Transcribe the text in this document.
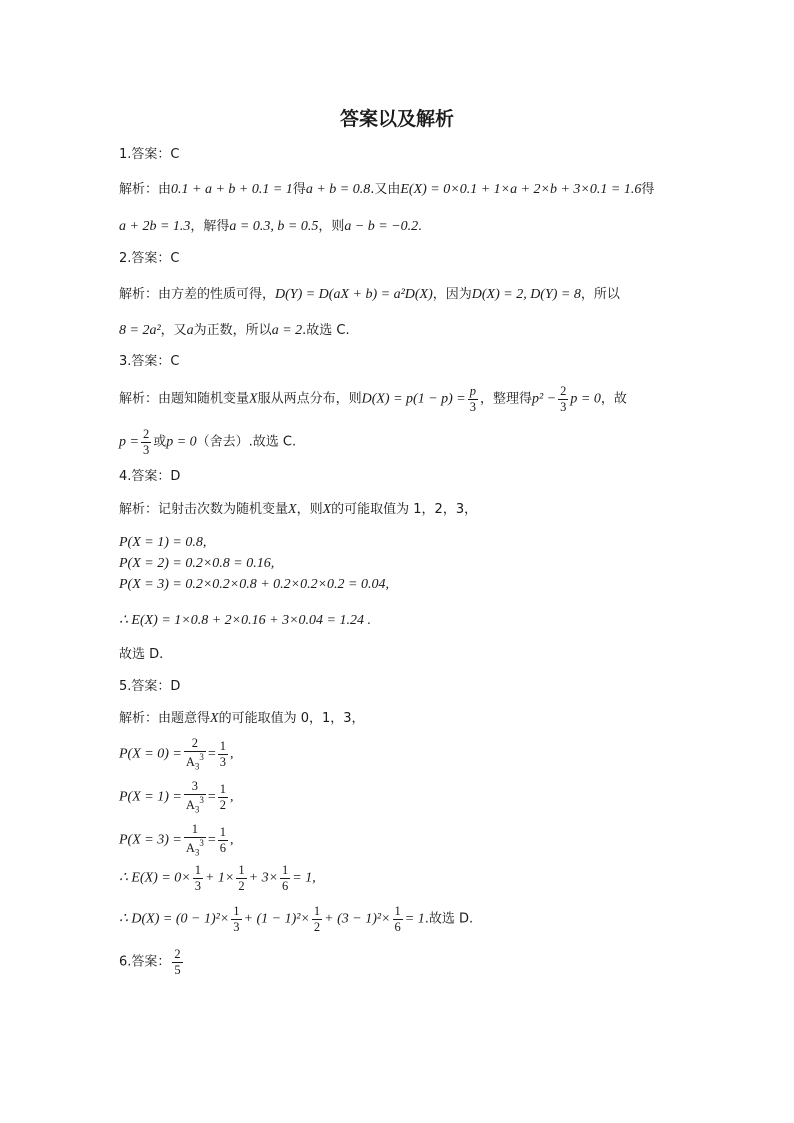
答案以及解析
1.答案：C
解析：由0.1 + a + b + 0.1 = 1得a + b = 0.8.又由E(X) = 0×0.1 + 1×a + 2×b + 3×0.1 = 1.6得
a + 2b = 1.3，解得a = 0.3, b = 0.5，则a − b = −0.2.
2.答案：C
解析：由方差的性质可得，D(Y) = D(aX + b) = a²D(X)，因为D(X) = 2, D(Y) = 8，所以
8 = 2a²，又a为正数，所以a = 2.故选 C.
3.答案：C
解析：由题知随机变量X服从两点分布，则$D(X) = p(1 - p) = \frac{p}{3}$ ，整理得$p^2 - \frac{2}{3}$ p = 0，故
$p = \frac{2}{3}$ 或p = 0（舍去）.故选 C.
4.答案：D
解析：记射击次数为随机变量X，则X的可能取值为 1，2，3，
P(X = 1) = 0.8,
P(X = 2) = 0.2×0.8 = 0.16,
P(X = 3) = 0.2×0.2×0.8 + 0.2×0.2×0.2 = 0.04,
∴ E(X) = 1×0.8 + 2×0.16 + 3×0.04 = 1.24 .
故选 D.
5.答案：D
解析：由题意得X的可能取值为 0，1，3，
$P(X = 0) = \frac{2}{A_3^3} = \frac{1}{3}$ ,
$P(X = 1) = \frac{3}{A_3^3} = \frac{1}{2}$ ,
$P(X = 3) = \frac{1}{A_3^3} = \frac{1}{6}$ ,
∴ $E(X) = 0\times \frac{1}{3} + 1\times \frac{1}{2} + 3\times \frac{1}{6} = 1$,
∴ $D(X) = (0 - 1)^2\times \frac{1}{3} + (1 - 1)^2\times \frac{1}{2} + (3 - 1)^2\times \frac{1}{6} = 1$.故选 D.
6.答案： $\frac{2}{5}$
